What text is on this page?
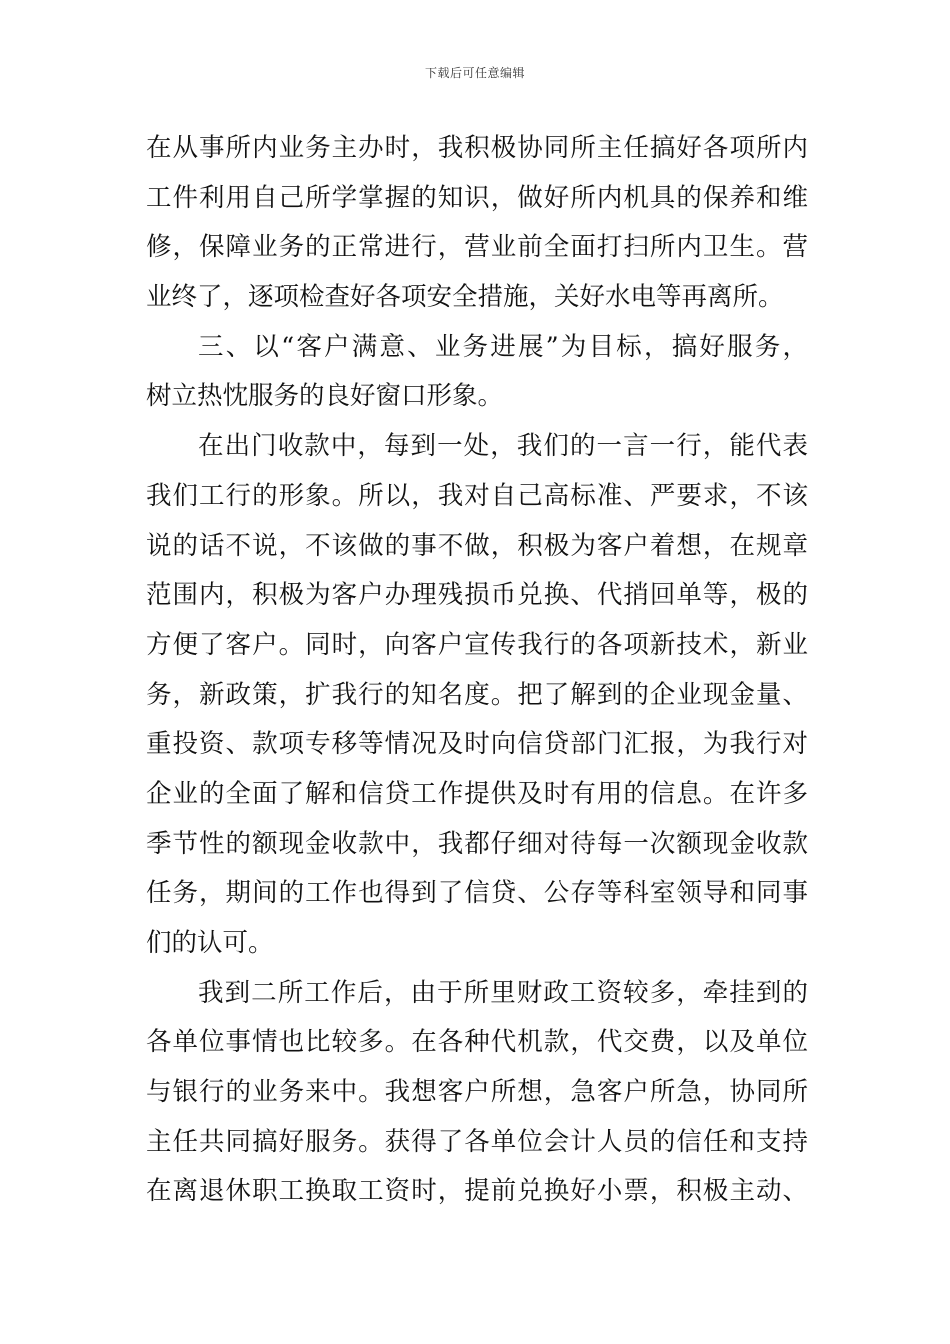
下载后可任意编辑
在从事所内业务主办时，我积极协同所主任搞好各项所内
工件利用自己所学掌握的知识，做好所内机具的保养和维
修，保障业务的正常进行，营业前全面打扫所内卫生。营
业终了，逐项检查好各项安全措施，关好水电等再离所。
三、以“客户满意、业务进展”为目标，搞好服务，
树立热忱服务的良好窗口形象。
在出门收款中，每到一处，我们的一言一行，能代表
我们工行的形象。所以，我对自己高标准、严要求，不该
说的话不说，不该做的事不做，积极为客户着想，在规章
范围内，积极为客户办理残损币兑换、代捎回单等，极的
方便了客户。同时，向客户宣传我行的各项新技术，新业
务，新政策，扩我行的知名度。把了解到的企业现金量、
重投资、款项专移等情况及时向信贷部门汇报，为我行对
企业的全面了解和信贷工作提供及时有用的信息。在许多
季节性的额现金收款中，我都仔细对待每一次额现金收款
任务，期间的工作也得到了信贷、公存等科室领导和同事
们的认可。
我到二所工作后，由于所里财政工资较多，牵挂到的
各单位事情也比较多。在各种代机款，代交费，以及单位
与银行的业务来中。我想客户所想，急客户所急，协同所
主任共同搞好服务。获得了各单位会计人员的信任和支持
在离退休职工换取工资时，提前兑换好小票，积极主动、
